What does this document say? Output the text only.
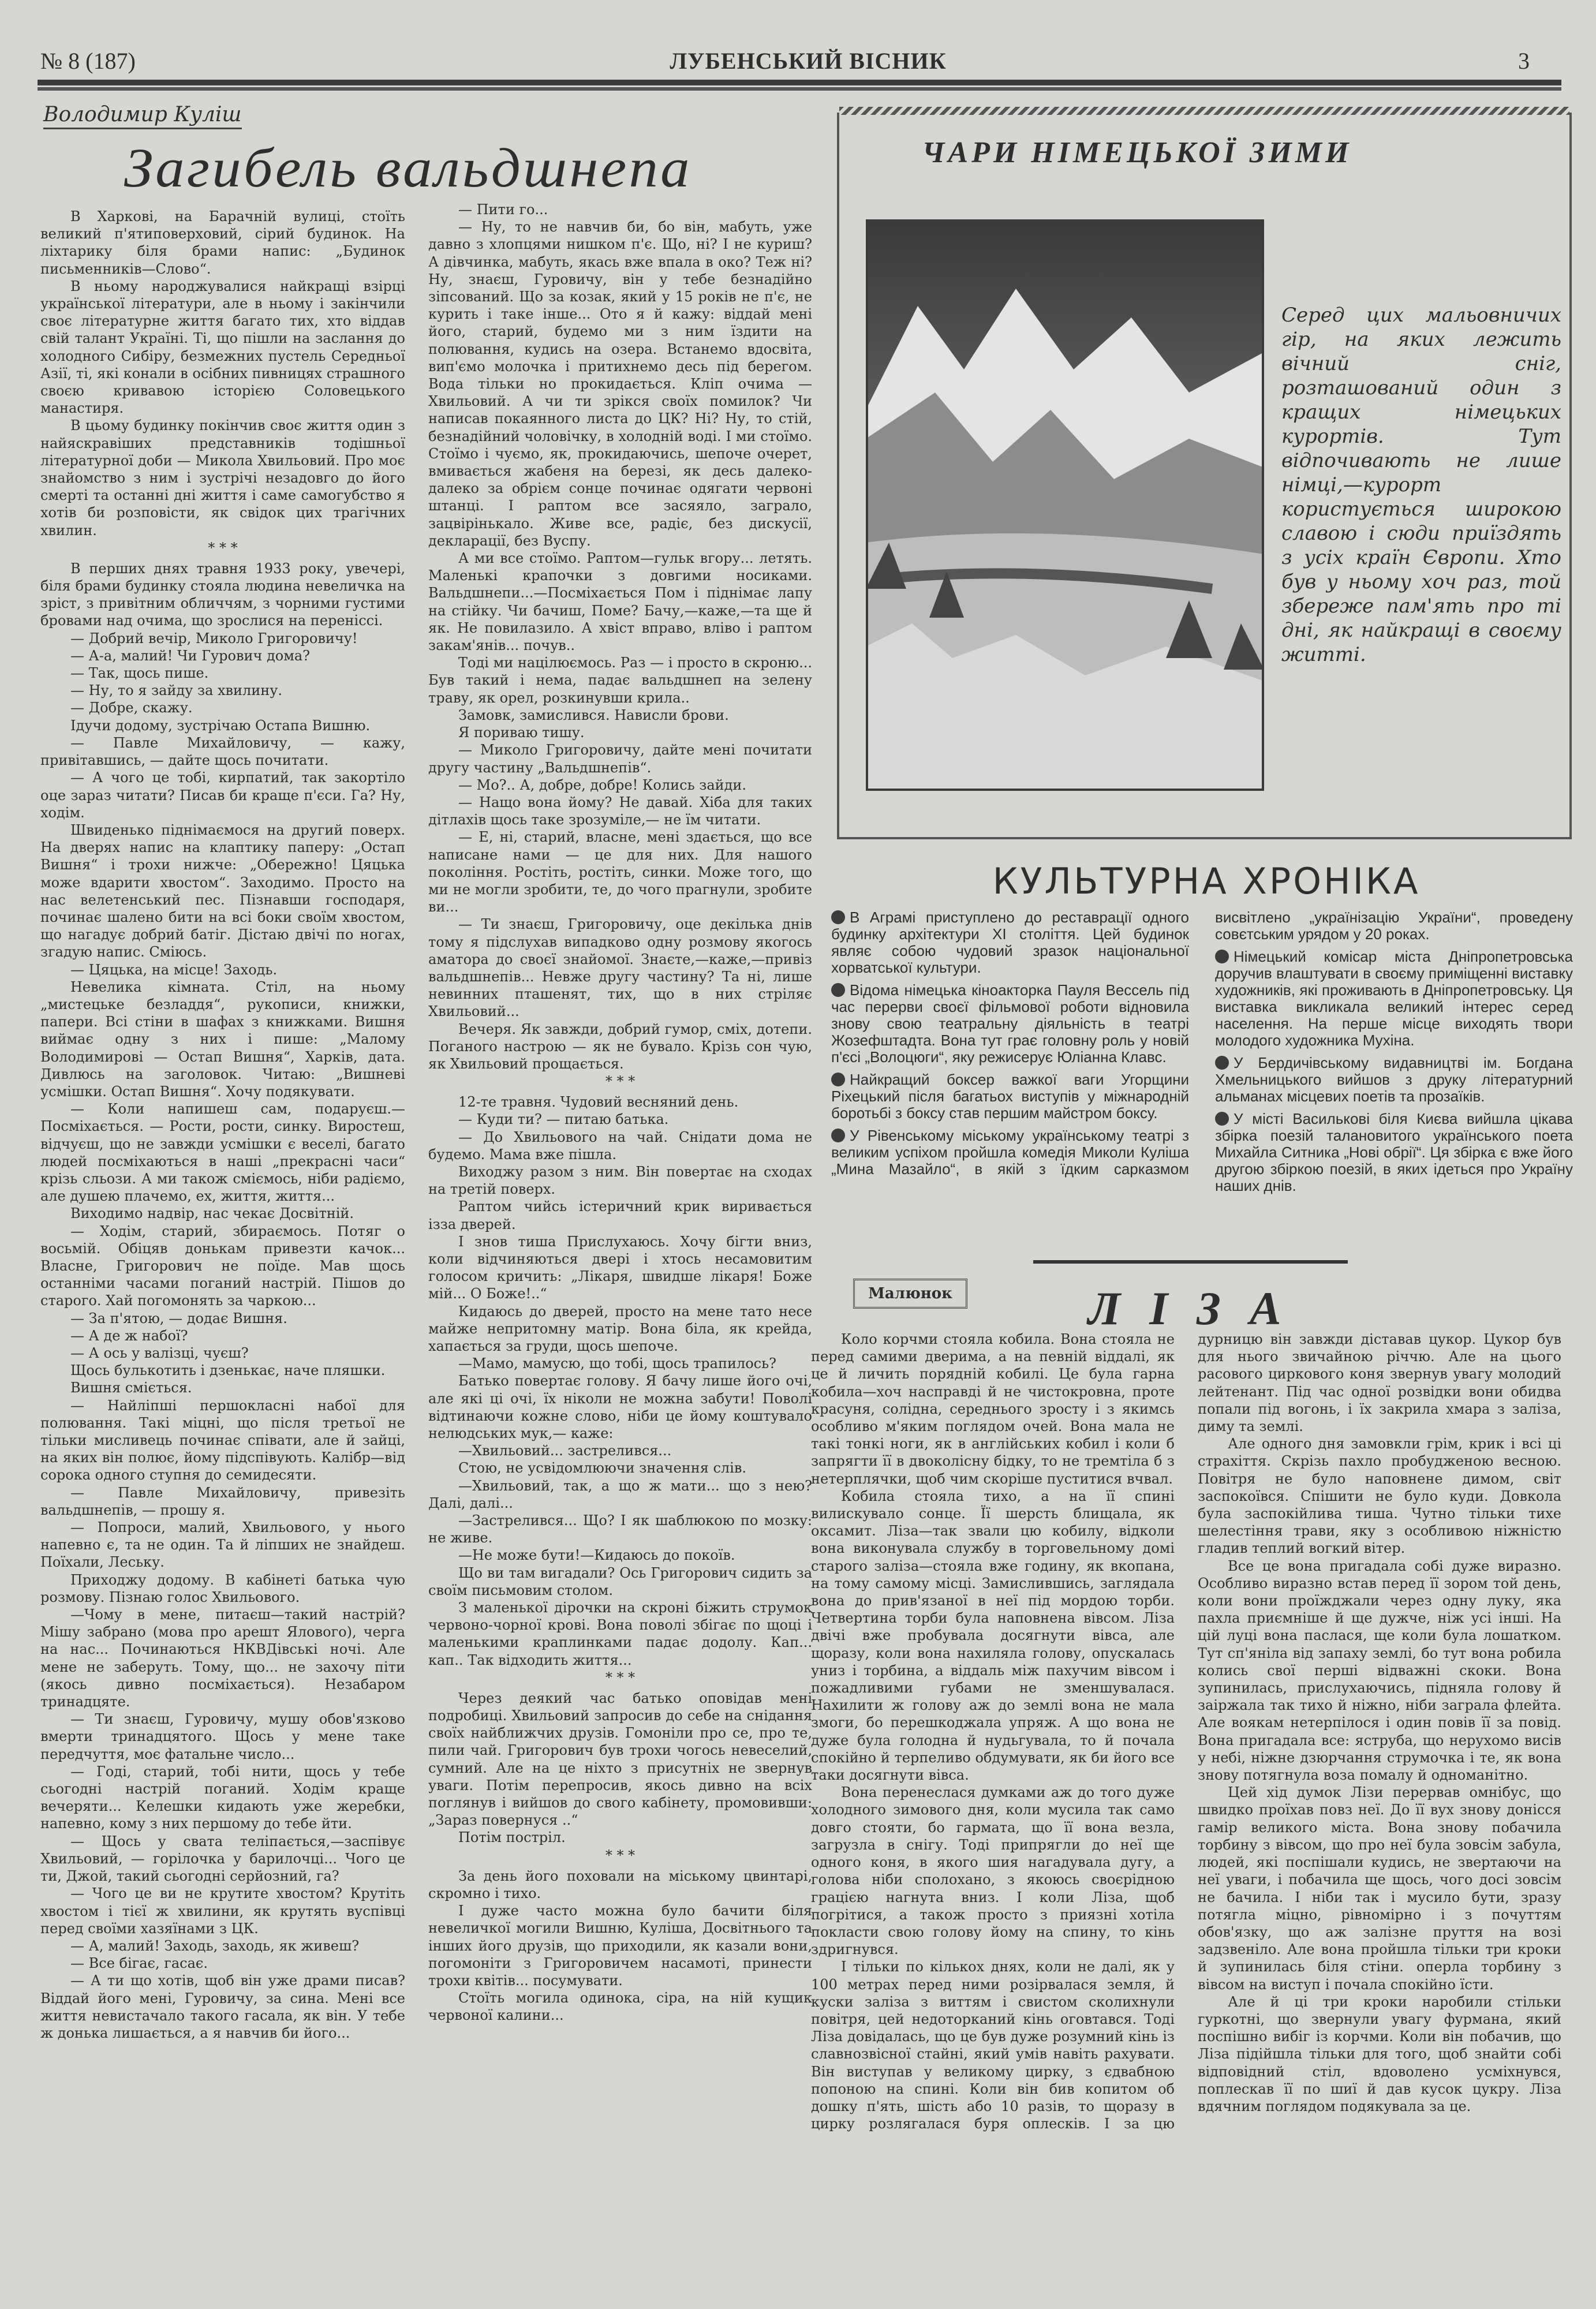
№ 8 (187)	ЛУБЕНСЬКИЙ ВІСНИК	3
Володимир Куліш
Загибель вальдшнепа

В Харкові, на Барачній вулиці, стоїть великий п'ятиповерховий, сірий будинок. На ліхтарику біля брами напис: „Будинок письменників—Слово“.

В ньому народжувалися найкращі взірці української літератури, але в ньому і закінчили своє літературне життя багато тих, хто віддав свій талант Україні. Ті, що пішли на заслання до холодного Сибіру, безмежних пустель Середньої Азії, ті, які конали в осібних пивницях страшного своєю кривавою історією Соловецького манастиря.

В цьому будинку покінчив своє життя один з найяскравіших представників тодішньої літературної доби — Микола Хвильовий. Про моє знайомство з ним і зустрічі незадовго до його смерті та останні дні життя і саме самогубство я хотів би розповісти, як свідок цих трагічних хвилин.

* * *

В перших днях травня 1933 року, увечері, біля брами будинку стояла людина невеличка на зріст, з привітним обличчям, з чорними густими бровами над очима, що зрослися на переніссі.

— Добрий вечір, Миколо Григоровичу!

— А-а, малий! Чи Гурович дома?

— Так, щось пише.

— Ну, то я зайду за хвилину.

— Добре, скажу.

Ідучи додому, зустрічаю Остапа Вишню.

— Павле Михайловичу, — кажу, привітавшись, — дайте щось почитати.

— А чого це тобі, кирпатий, так закортіло оце зараз читати? Писав би краще п'єси. Га? Ну, ходім.

Швиденько піднімаємося на другий поверх. На дверях напис на клаптику паперу: „Остап Вишня“ і трохи нижче: „Обережно! Цяцька може вдарити хвостом“. Заходимо. Просто на нас велетенський пес. Пізнавши господаря, починає шалено бити на всі боки своїм хвостом, що нагадує добрий батіг. Дістаю двічі по ногах, згадую напис. Сміюсь.

— Цяцька, на місце! Заходь.

Невелика кімната. Стіл, на ньому „мистецьке безладдя“, рукописи, книжки, папери. Всі стіни в шафах з книжками. Вишня виймає одну з них і пише: „Малому Володимирові — Остап Вишня“, Харків, дата. Дивлюсь на заголовок. Читаю: „Вишневі усмішки. Остап Вишня“. Хочу подякувати.

— Коли напишеш сам, подаруєш.—Посміхається. — Рости, рости, синку. Виростеш, відчуєш, що не завжди усмішки є веселі, багато людей посміхаються в наші „прекрасні часи“ крізь сльози. А ми також сміємось, ніби радіємо, але душею плачемо, ех, життя, життя...

Виходимо надвір, нас чекає Досвітній.

— Ходім, старий, збираємось. Потяг о восьмій. Обіцяв донькам привезти качок... Власне, Григорович не поїде. Мав щось останніми часами поганий настрій. Пішов до старого. Хай погомонять за чаркою...

— За п'ятою, — додає Вишня.

— А де ж набої?

— А ось у валізці, чуєш?

Щось булькотить і дзенькає, наче пляшки.

Вишня сміється.

— Найліпші першокласні набої для полювання. Такі міцні, що після третьої не тільки мисливець починає співати, але й зайці, на яких він полює, йому підспівують. Калібр—від сорока одного ступня до семидесяти.

— Павле Михайловичу, привезіть вальдшнепів, — прошу я.

— Попроси, малий, Хвильового, у нього напевно є, та не один. Та й ліпших не знайдеш. Поїхали, Леську.

Приходжу додому. В кабінеті батька чую розмову. Пізнаю голос Хвильового.

—Чому в мене, питаєш—такий настрій? Мішу забрано (мова про арешт Ялового), черга на нас... Починаються НКВДівські ночі. Але мене не заберуть. Тому, що... не захочу піти (якось дивно посміхається). Незабаром тринадцяте.

— Ти знаєш, Гуровичу, мушу обов'язково вмерти тринадцятого. Щось у мене таке передчуття, моє фатальне число...

— Годі, старий, тобі нити, щось у тебе сьогодні настрій поганий. Ходім краще вечеряти... Келешки кидають уже жеребки, напевно, кому з них першому до тебе йти.

— Щось у свата теліпається,—заспівує Хвильовий, — горілочка у барилочці... Чого це ти, Джой, такий сьогодні серйозний, га?

— Чого це ви не крутите хвостом? Крутіть хвостом і тієї ж хвилини, як крутять вуспівці перед своїми хазяїнами з ЦК.

— А, малий! Заходь, заходь, як живеш?

— Все бігає, гасає.

— А ти що хотів, щоб він уже драми писав? Віддай його мені, Гуровичу, за сина. Мені все життя невистачало такого гасала, як він. У тебе ж донька лишається, а я навчив би його...

— Пити го...

— Ну, то не навчив би, бо він, мабуть, уже давно з хлопцями нишком п'є. Що, ні? І не куриш? А дівчинка, мабуть, якась вже впала в око? Теж ні? Ну, знаєш, Гуровичу, він у тебе безнадійно зіпсований. Що за козак, який у 15 років не п'є, не курить і таке інше... Ото я й кажу: віддай мені його, старий, будемо ми з ним їздити на полювання, кудись на озера. Встанемо вдосвіта, вип'ємо молочка і притихнемо десь під берегом. Вода тільки но прокидається. Кліп очима — Хвильовий. А чи ти зрікся своїх помилок? Чи написав покаянного листа до ЦК? Ні? Ну, то стій, безнадійний чоловічку, в холодній воді. І ми стоїмо. Стоїмо і чуємо, як, прокидаючись, шепоче очерет, вмивається жабеня на березі, як десь далеко-далеко за обрієм сонце починає одягати червоні штанці. І раптом все засяяло, заграло, зацвірінькало. Живе все, радіє, без дискусії, декларації, без Вуспу.

А ми все стоїмо. Раптом—гульк вгору... летять. Маленькі крапочки з довгими носиками. Вальдшнепи...—Посміхається Пом і піднімає лапу на стійку. Чи бачиш, Поме? Бачу,—каже,—та ще й як. Не повилазило. А хвіст вправо, вліво і раптом закам'янів... почув..

Тоді ми націлюємось. Раз — і просто в скроню... Був такий і нема, падає вальдшнеп на зелену траву, як орел, розкинувши крила..

Замовк, замислився. Нависли брови.

Я пориваю тишу.

— Миколо Григоровичу, дайте мені почитати другу частину „Вальдшнепів“.

— Мо?.. А, добре, добре! Колись зайди.

— Нащо вона йому? Не давай. Хіба для таких дітлахів щось таке зрозуміле,— не їм читати.

— Е, ні, старий, власне, мені здається, що все написане нами — це для них. Для нашого покоління. Ростіть, ростіть, синки. Може того, що ми не могли зробити, те, до чого прагнули, зробите ви...

— Ти знаєш, Григоровичу, оце декілька днів тому я підслухав випадково одну розмову якогось аматора до своєї знайомої. Знаєте,—каже,—привіз вальдшнепів... Невже другу частину? Та ні, лише невинних пташенят, тих, що в них стріляє Хвильовий...

Вечеря. Як завжди, добрий гумор, сміх, дотепи. Поганого настрою — як не бувало. Крізь сон чую, як Хвильовий прощається.

* * *

12-те травня. Чудовий весняний день.

— Куди ти? — питаю батька.

— До Хвильового на чай. Снідати дома не будемо. Мама вже пішла.

Виходжу разом з ним. Він повертає на сходах на третій поверх.

Раптом чийсь істеричний крик виривається ізза дверей.

І знов тиша Прислухаюсь. Хочу бігти вниз, коли відчиняються двері і хтось несамовитим голосом кричить: „Лікаря, швидше лікаря! Боже мій... О Боже!..“

Кидаюсь до дверей, просто на мене тато несе майже непритомну матір. Вона біла, як крейда, хапається за груди, щось шепоче.

—Мамо, мамусю, що тобі, щось трапилось?

Батько повертає голову. Я бачу лише його очі, але які ці очі, їх ніколи не можна забути! Поволі відтинаючи кожне слово, ніби це йому коштувало нелюдських мук,— каже:

—Хвильовий... застрелився...

Стою, не усвідомлюючи значення слів.

—Хвильовий, так, а що ж мати... що з нею? Далі, далі...

—Застрелився... Що? І як шаблюкою по мозку: не живе.

—Не може бути!—Кидаюсь до покоїв.

Що ви там вигадали? Ось Григорович сидить за своїм письмовим столом.

З маленької дірочки на скроні біжить струмок червоно-чорної крові. Вона поволі збігає по щоці і маленькими краплинками падає додолу. Кап... кап.. Так відходить життя...

* * *

Через деякий час батько оповідав мені подробиці. Хвильовий запросив до себе на снідання своїх найближчих друзів. Гомоніли про се, про те, пили чай. Григорович був трохи чогось невеселий, сумний. Але на це ніхто з присутніх не звернув уваги. Потім перепросив, якось дивно на всіх поглянув і вийшов до свого кабінету, промовивши: „Зараз повернуся ..“

Потім постріл.

* * *

За день його поховали на міському цвинтарі, скромно і тихо.

І дуже часто можна було бачити біля невеличкої могили Вишню, Куліша, Досвітнього та інших його друзів, що приходили, як казали вони, погомоніти з Григоровичем насамоті, принести трохи квітів... посумувати.

Стоїть могила одинока, сіра, на ній кущик червоної калини...

ЧАРИ НІМЕЦЬКОЇ ЗИМИ
Серед цих мальовничих гір, на яких лежить вічний сніг, розташований один з кращих німецьких курортів. Тут відпочивають не лише німці,—курорт користується широкою славою і сюди приїздять з усіх країн Європи. Хто був у ньому хоч раз, той збереже пам'ять про ті дні, як найкращі в своєму житті.
КУЛЬТУРНА ХРОНІКА

В Аграмі приступлено до реставрації одного будинку архітектури XI століття. Цей будинок являє собою чудовий зразок національної хорватської культури.

Відома німецька кіноакторка Пауля Вессель під час перерви своєї фільмової роботи відновила знову свою театральну діяльність в театрі Жозефштадта. Вона тут грає головну роль у новій п'єсі „Волоцюги“, яку режисерує Юліанна Клавс.

Найкращий боксер важкої ваги Угорщини Ріхецький після багатьох виступів у міжнародній боротьбі з боксу став першим майстром боксу.

У Рівенському міському українському театрі з великим успіхом пройшла комедія Миколи Куліша „Мина Мазайло“, в якій з їдким сарказмом висвітлено „українізацію України“, проведену совєтським урядом у 20 роках.

Німецький комісар міста Дніпропетровська доручив влаштувати в своєму приміщенні виставку художників, які проживають в Дніпропетровську. Ця виставка викликала великий інтерес серед населення. На перше місце виходять твори молодого художника Мухіна.

У Бердичівському видавництві ім. Богдана Хмельницького вийшов з друку літературний альманах місцевих поетів та прозаїків.

У місті Василькові біля Києва вийшла цікава збірка поезій талановитого українського поета Михайла Ситника „Нові обрії“. Ця збірка є вже його другою збіркою поезій, в яких ідеться про Україну наших днів.

Малюнок	ЛІЗА

Коло корчми стояла кобила. Вона стояла не перед самими дверима, а на певній віддалі, як це й личить порядній кобилі. Це була гарна кобила—хоч насправді й не чистокровна, проте красуня, солідна, середнього зросту і з якимсь особливо м'яким поглядом очей. Вона мала не такі тонкі ноги, як в англійських кобил і коли б запрягти її в двоколісну бідку, то не тремтіла б з нетерплячки, щоб чим скоріше пуститися вчвал.

Кобила стояла тихо, а на її спині вилискувало сонце. Її шерсть блищала, як оксамит. Ліза—так звали цю кобилу, відколи вона виконувала службу в торговельному домі старого заліза—стояла вже годину, як вкопана, на тому самому місці. Замислившись, заглядала вона до прив'язаної в неї під мордою торби. Четвертина торби була наповнена вівсом. Ліза двічі вже пробувала досягнути вівса, але щоразу, коли вона нахиляла голову, опускалась униз і торбина, а віддаль між пахучим вівсом і пожадливими губами не зменшувалася. Нахилити ж голову аж до землі вона не мала змоги, бо перешкоджала упряж. А що вона не дуже була голодна й нудьгувала, то й почала спокійно й терпеливо обдумувати, як би його все таки досягнути вівса.

Вона перенеслася думками аж до того дуже холодного зимового дня, коли мусила так само довго стояти, бо гармата, що її вона везла, загрузла в снігу. Тоді припрягли до неї ще одного коня, в якого шия нагадувала дугу, а голова ніби сполохано, з якоюсь своєрідною грацією нагнута вниз. І коли Ліза, щоб погрітися, а також просто з приязні хотіла покласти свою голову йому на спину, то кінь здригнувся.

І тільки по кількох днях, коли не далі, як у 100 метрах перед ними розірвалася земля, й куски заліза з виттям і свистом сколихнули повітря, цей недоторканий кінь оговтався. Тоді Ліза довідалась, що це був дуже розумний кінь із славнозвісної стайні, який умів навіть рахувати. Він виступав у великому цирку, з єдвабною попоною на спині. Коли він бив копитом об дошку п'ять, шість або 10 разів, то щоразу в цирку розлягалася буря оплесків. І за цю дурницю він завжди діставав цукор. Цукор був для нього звичайною річчю. Але на цього расового циркового коня звернув увагу молодий лейтенант. Під час одної розвідки вони обидва попали під вогонь, і їх закрила хмара з заліза, диму та землі.

Але одного дня замовкли грім, крик і всі ці страхіття. Скрізь пахло пробудженою весною. Повітря не було наповнене димом, світ заспокоївся. Спішити не було куди. Довкола була заспокійлива тиша. Чутно тільки тихе шелестіння трави, яку з особливою ніжністю гладив теплий вогкий вітер.

Все це вона пригадала собі дуже виразно. Особливо виразно встав перед її зором той день, коли вони проїжджали через одну луку, яка пахла приємніше й ще дужче, ніж усі інші. На цій луці вона паслася, ще коли була лошатком. Тут сп'яніла від запаху землі, бо тут вона робила колись свої перші відважні скоки. Вона зупинилась, прислухаючись, підняла голову й заіржала так тихо й ніжно, ніби заграла флейта. Але воякам нетерпілося і один повів її за повід. Вона пригадала все: яструба, що нерухомо висів у небі, ніжне дзюрчання струмочка і те, як вона знову потягнула воза помалу й одноманітно.

Цей хід думок Лізи перервав омнібус, що швидко проїхав повз неї. До її вух знову донісся гамір великого міста. Вона знову побачила торбину з вівсом, що про неї була зовсім забула, людей, які поспішали кудись, не звертаючи на неї уваги, і побачила ще щось, чого досі зовсім не бачила. І ніби так і мусило бути, зразу потягла міцно, рівномірно і з почуттям обов'язку, що аж залізне пруття на возі задзвеніло. Але вона пройшла тільки три кроки й зупинилась біля стіни. оперла торбину з вівсом на виступ і почала спокійно їсти.

Але й ці три кроки наробили стільки гуркотні, що звернули увагу фурмана, який поспішно вибіг із корчми. Коли він побачив, що Ліза підійшла тільки для того, щоб знайти собі відповідний стіл, вдоволено усміхнувся, поплескав її по шиї й дав кусок цукру. Ліза вдячним поглядом подякувала за це.
